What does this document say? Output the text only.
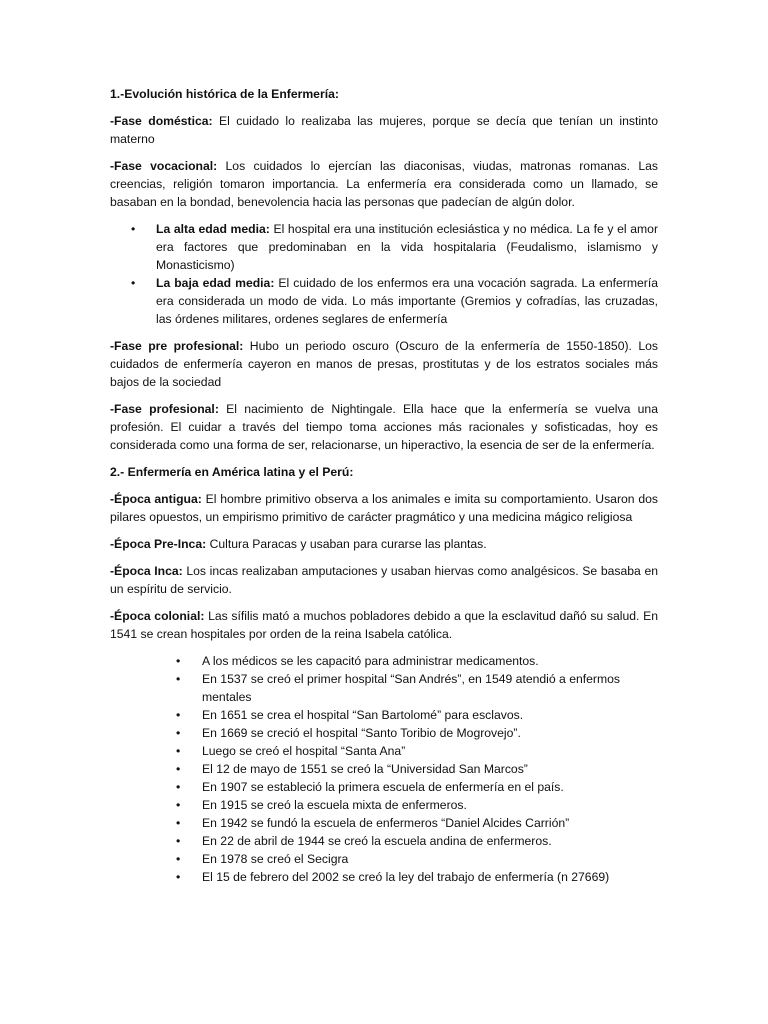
1.-Evolución histórica de la Enfermería:

-Fase doméstica: El cuidado lo realizaba las mujeres, porque se decía que tenían un instinto materno

-Fase vocacional: Los cuidados lo ejercían las diaconisas, viudas, matronas romanas. Las creencias, religión tomaron importancia. La enfermería era considerada como un llamado, se basaban en la bondad, benevolencia hacia las personas que padecían de algún dolor.

• La alta edad media: El hospital era una institución eclesiástica y no médica. La fe y el amor era factores que predominaban en la vida hospitalaria (Feudalismo, islamismo y Monasticismo)
• La baja edad media: El cuidado de los enfermos era una vocación sagrada. La enfermería era considerada un modo de vida. Lo más importante (Gremios y cofradías, las cruzadas, las órdenes militares, ordenes seglares de enfermería

-Fase pre profesional: Hubo un periodo oscuro (Oscuro de la enfermería de 1550-1850). Los cuidados de enfermería cayeron en manos de presas, prostitutas y de los estratos sociales más bajos de la sociedad

-Fase profesional: El nacimiento de Nightingale. Ella hace que la enfermería se vuelva una profesión. El cuidar a través del tiempo toma acciones más racionales y sofisticadas, hoy es considerada como una forma de ser, relacionarse, un hiperactivo, la esencia de ser de la enfermería.

2.- Enfermería en América latina y el Perú:

-Época antigua: El hombre primitivo observa a los animales e imita su comportamiento. Usaron dos pilares opuestos, un empirismo primitivo de carácter pragmático y una medicina mágico religiosa

-Época Pre-Inca: Cultura Paracas y usaban para curarse las plantas.

-Época Inca: Los incas realizaban amputaciones y usaban hiervas como analgésicos. Se basaba en un espíritu de servicio.

-Época colonial: Las sífilis mató a muchos pobladores debido a que la esclavitud dañó su salud. En 1541 se crean hospitales por orden de la reina Isabela católica.

• A los médicos se les capacitó para administrar medicamentos.
• En 1537 se creó el primer hospital “San Andrés”, en 1549 atendió a enfermos mentales
• En 1651 se crea el hospital “San Bartolomé” para esclavos.
• En 1669 se creció el hospital “Santo Toribio de Mogrovejo”.
• Luego se creó el hospital “Santa Ana”
• El 12 de mayo de 1551 se creó la “Universidad San Marcos”
• En 1907 se estableció la primera escuela de enfermería en el país.
• En 1915 se creó la escuela mixta de enfermeros.
• En 1942 se fundó la escuela de enfermeros “Daniel Alcides Carrión”
• En 22 de abril de 1944 se creó la escuela andina de enfermeros.
• En 1978 se creó el Secigra
• El 15 de febrero del 2002 se creó la ley del trabajo de enfermería (n 27669)
